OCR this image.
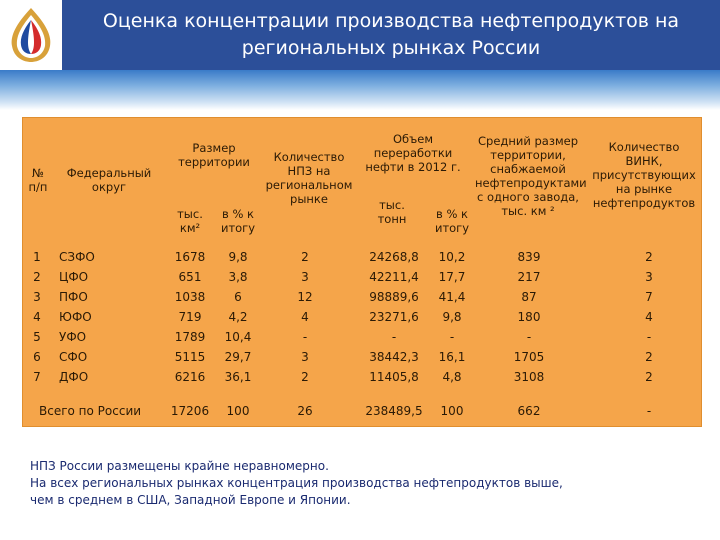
Оценка концентрации производства нефтепродуктов на
региональных рынках России
№ п/п
Федеральный округ
Размер территории
тыс. км²
в % к итогу
Количество НПЗ на региональном рынке
Объем переработки нефти в 2012 г.
тыс. тонн	в % к итогу
Средний размер территории, снабжаемой нефтепродуктами с одного завода, тыс. км ²
Количество ВИНК, присутствующих на рынке нефтепродуктов
1	СЗФО	1678	9,8	2	24268,8	10,2	839	2
2	ЦФО	651	3,8	3	42211,4	17,7	217	3
3	ПФО	1038	6	12	98889,6	41,4	87	7
4	ЮФО	719	4,2	4	23271,6	9,8	180	4
5	УФО	1789	10,4	-	-	-	-	-
6	СФО	5115	29,7	3	38442,3	16,1	1705	2
7	ДФО	6216	36,1	2	11405,8	4,8	3108	2
Всего по России	17206	100	26	238489,5	100	662	-
НПЗ России размещены крайне неравномерно.
На всех региональных рынках концентрация производства нефтепродуктов выше,
чем в среднем в США, Западной Европе и Японии.
